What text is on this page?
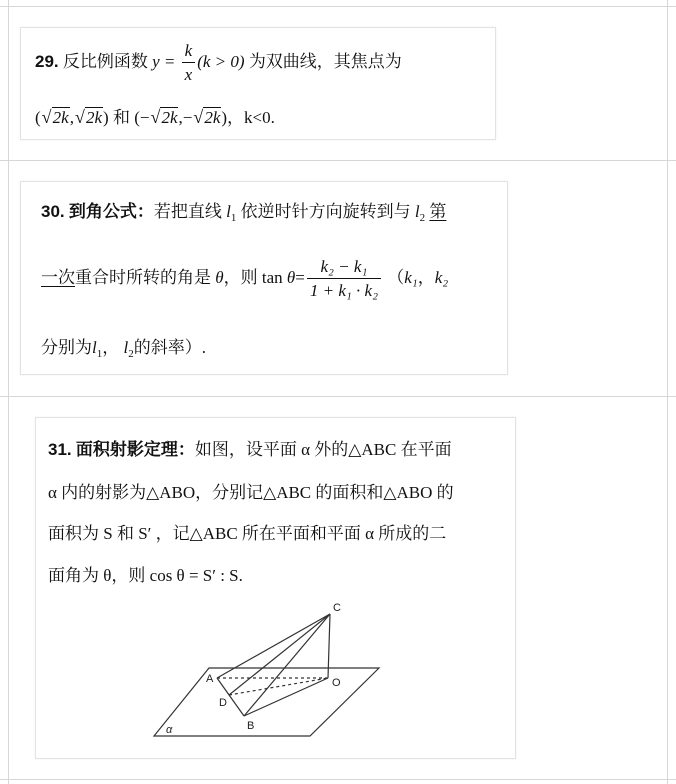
29. 反比例函数 $y = \frac{k}{x} (k > 0)$ 为双曲线，其焦点为
( √ 2k, √ 2k) 和 (− √ 2k,− √ 2k)，k<0.
30. 到角公式：若把直线 $l_1$ 依逆时针方向旋转到与 $l_2$ 第
一次重合时所转的角是 θ，则 $\tan \theta= \frac{\text{k₂ − k₁}}{\text{1 + k₁ · k₂}} (k_1$，k₂
分别为$l_1$， $l_2$的斜率）.
31. 面积射影定理：如图，设平面 α 外的△ABC 在平面
α 内的射影为△ABO，分别记△ABC 的面积和△ABO 的
面积为 S 和 S′ ，记△ABC 所在平面和平面 α 所成的二
面角为 θ，则 cos θ = S′ : S.
C
A	O
D
B
α
